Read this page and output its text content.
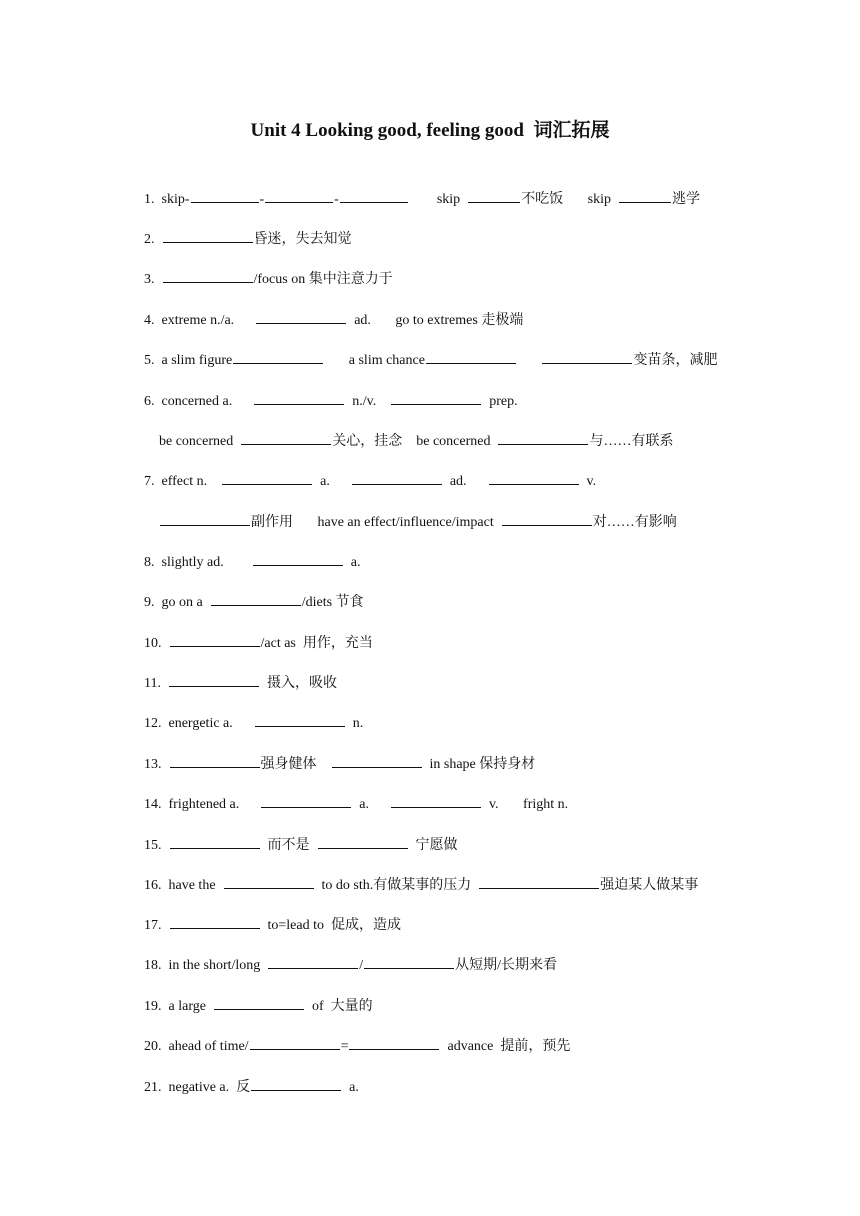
Unit 4 Looking good, feeling good  词汇拓展

1.  skip-	-	-	skip	不吃饭       skip	逃学

2.	昏迷，失去知觉

3.	/focus on 集中注意力于

4.  extreme n./a.	ad.       go to extremes 走极端

5.  a slim figure	a slim chance	变苗条，减肥

6.  concerned a.	n./v.	prep.

be concerned	关心，挂念    be concerned	与……有联系

7.  effect n.	a.	ad.	v.

副作用       have an effect/influence/impact	对……有影响

8.  slightly ad.	a.

9.  go on a	/diets 节食

10.	/act as  用作，充当

11.	摄入，吸收

12.  energetic a.	n.

13.	强身健体	in shape 保持身材

14.  frightened a.	a.	v.       fright n.

15.	而不是	宁愿做

16.  have the	to do sth.有做某事的压力	强迫某人做某事

17.	to=lead to  促成，造成

18.  in the short/long	/	从短期/长期来看

19.  a large	of  大量的

20.  ahead of time/	=	advance  提前，预先

21.  negative a.  反	a.
